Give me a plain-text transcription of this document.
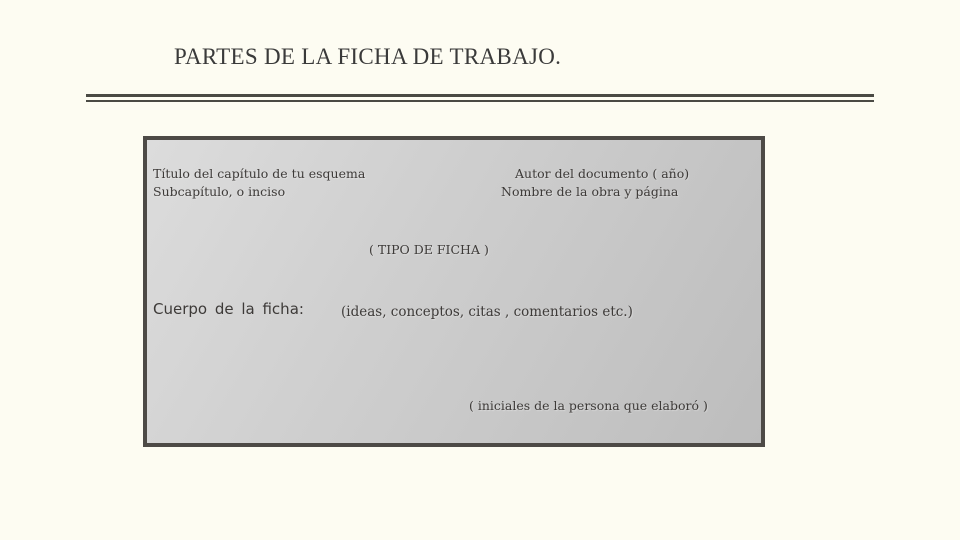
PARTES DE LA FICHA DE TRABAJO.
Título del capítulo de tu esquema
Subcapítulo, o inciso
Autor del documento ( año)
Nombre de la obra y página
( TIPO DE FICHA )
Cuerpo de la ficha:	(ideas, conceptos, citas , comentarios etc.)
( iniciales de la persona que elaboró )
